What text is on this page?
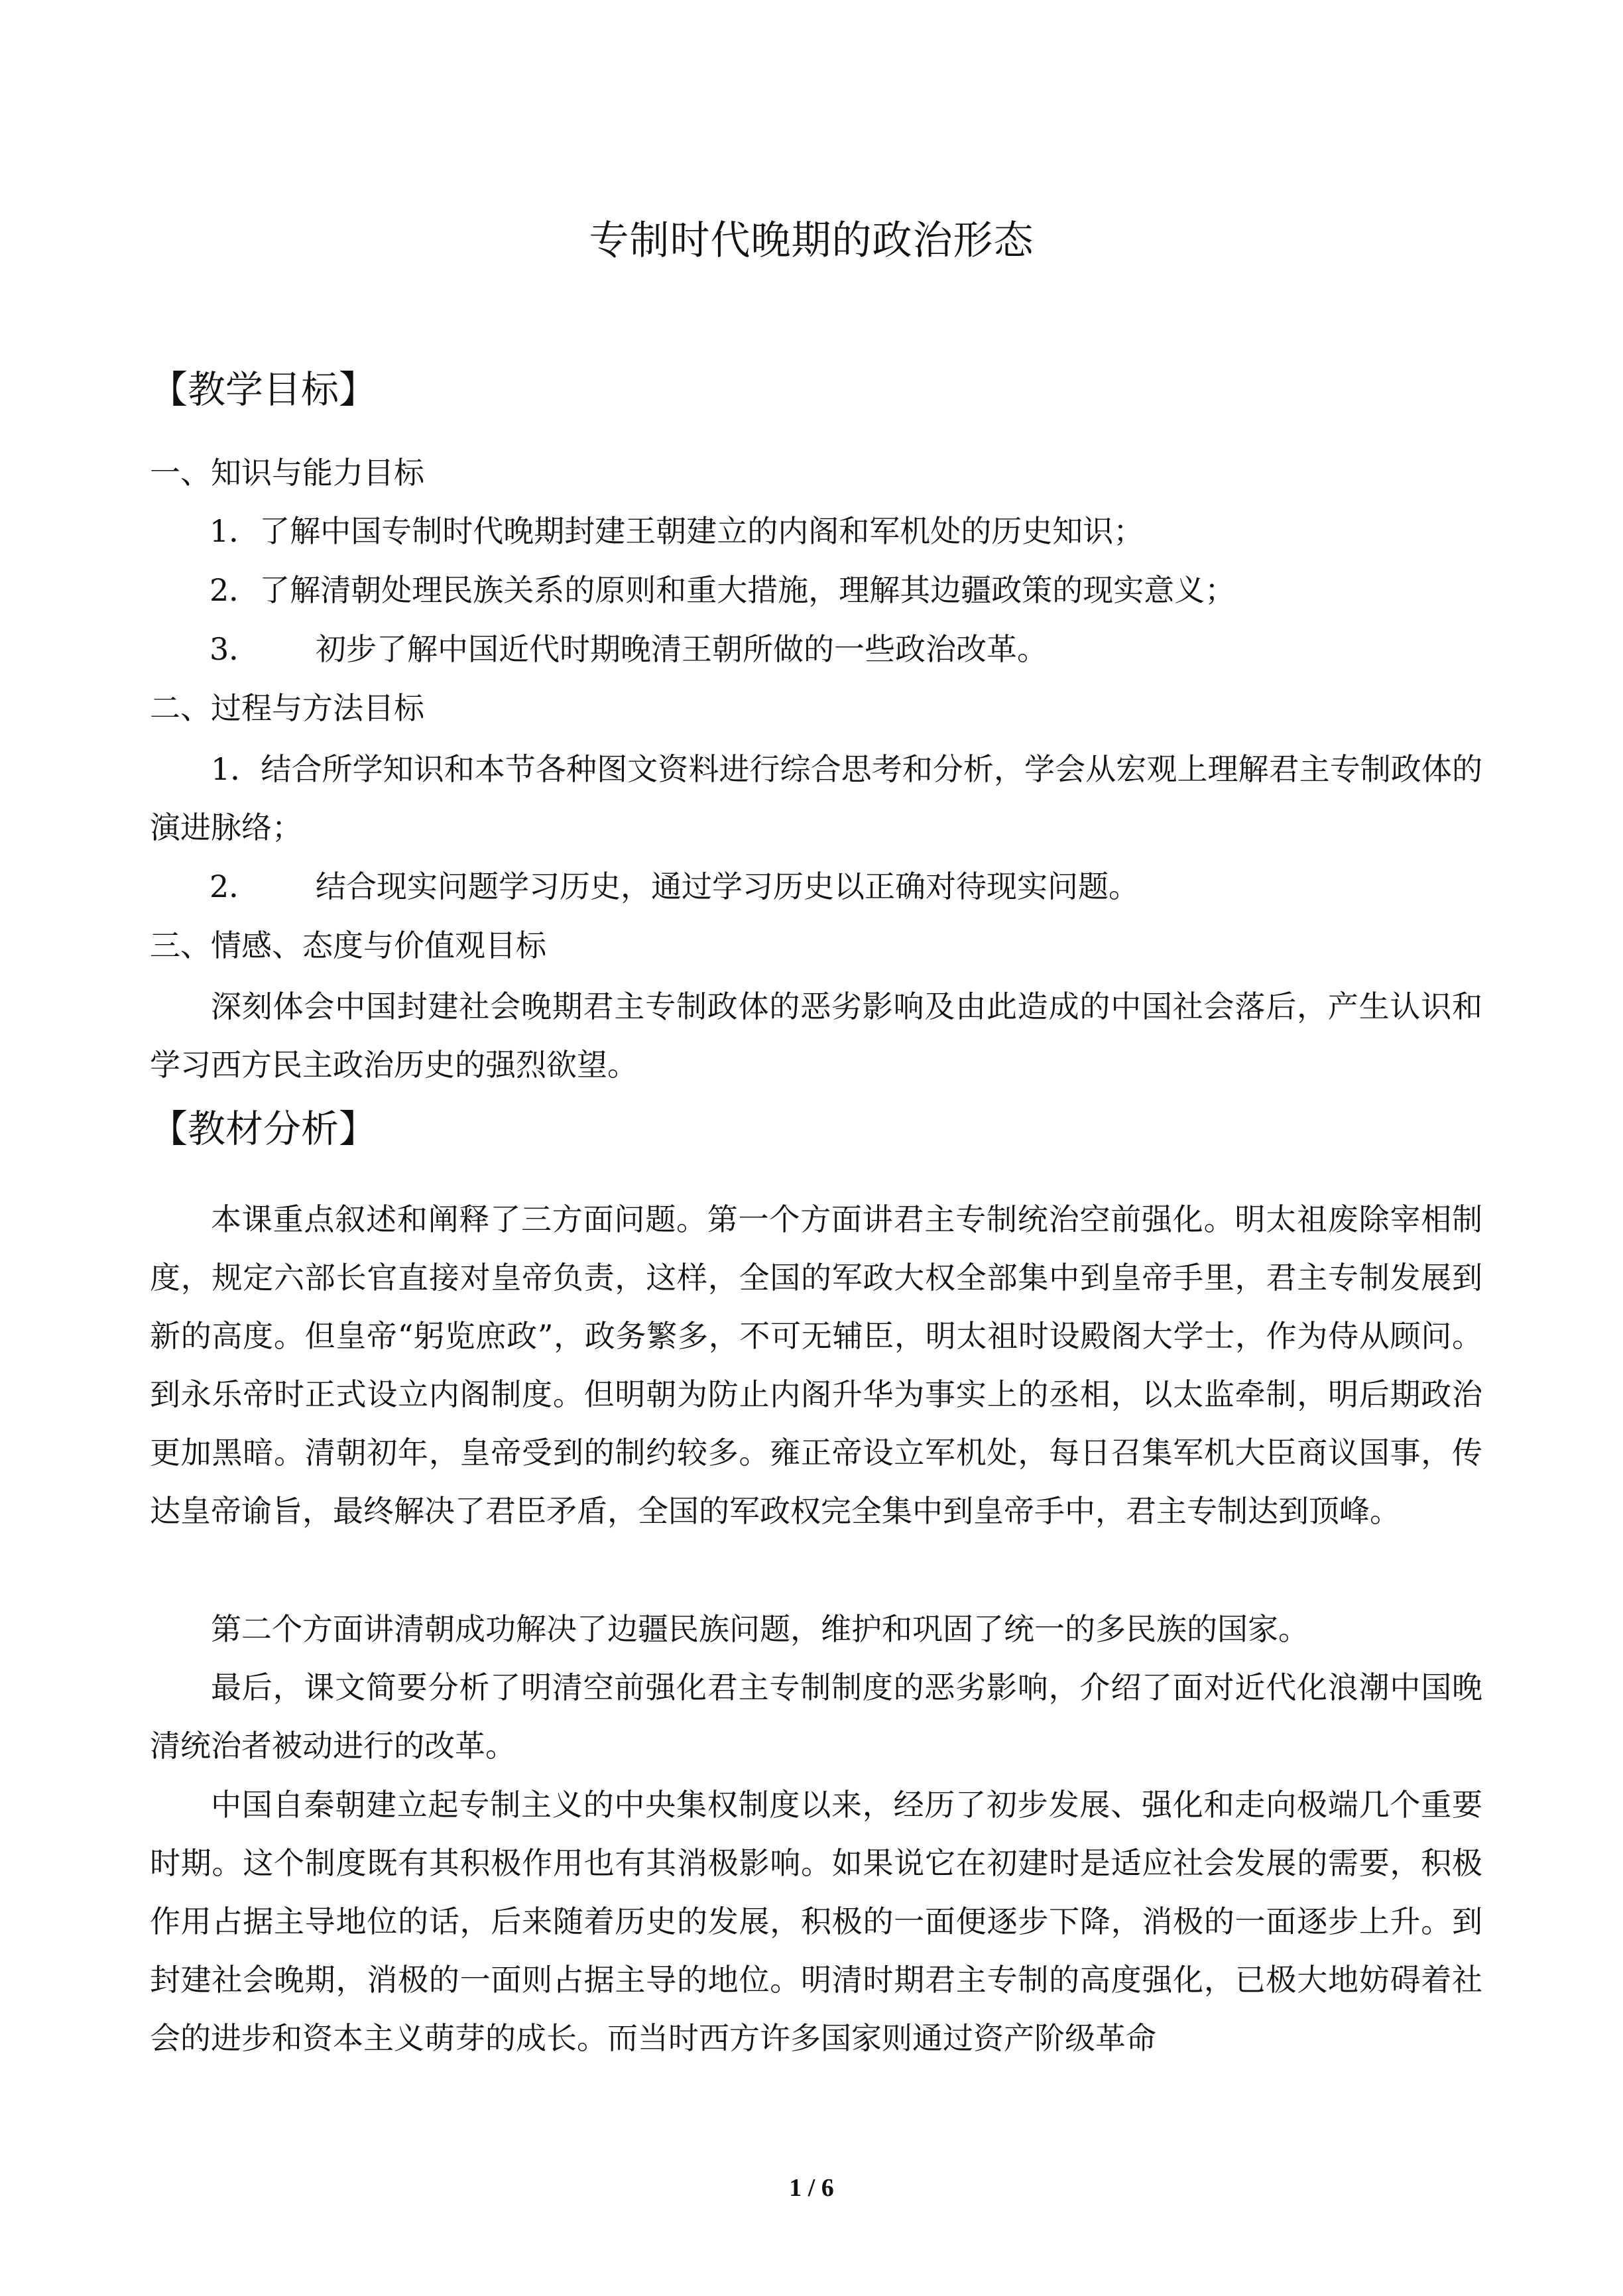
专制时代晚期的政治形态
【教学目标】
一、知识与能力目标
1．了解中国专制时代晚期封建王朝建立的内阁和军机处的历史知识；
2．了解清朝处理民族关系的原则和重大措施，理解其边疆政策的现实意义；
3． 初步了解中国近代时期晚清王朝所做的一些政治改革。
二、过程与方法目标
1．结合所学知识和本节各种图文资料进行综合思考和分析，学会从宏观上理解君主专制政体的演进脉络；
2． 结合现实问题学习历史，通过学习历史以正确对待现实问题。
三、情感、态度与价值观目标
深刻体会中国封建社会晚期君主专制政体的恶劣影响及由此造成的中国社会落后，产生认识和学习西方民主政治历史的强烈欲望。
【教材分析】
本课重点叙述和阐释了三方面问题。第一个方面讲君主专制统治空前强化。明太祖废除宰相制度，规定六部长官直接对皇帝负责，这样，全国的军政大权全部集中到皇帝手里，君主专制发展到新的高度。但皇帝“躬览庶政”，政务繁多，不可无辅臣，明太祖时设殿阁大学士，作为侍从顾问。到永乐帝时正式设立内阁制度。但明朝为防止内阁升华为事实上的丞相，以太监牵制，明后期政治更加黑暗。清朝初年，皇帝受到的制约较多。雍正帝设立军机处，每日召集军机大臣商议国事，传达皇帝谕旨，最终解决了君臣矛盾，全国的军政权完全集中到皇帝手中，君主专制达到顶峰。
第二个方面讲清朝成功解决了边疆民族问题，维护和巩固了统一的多民族的国家。
最后，课文简要分析了明清空前强化君主专制制度的恶劣影响，介绍了面对近代化浪潮中国晚清统治者被动进行的改革。
中国自秦朝建立起专制主义的中央集权制度以来，经历了初步发展、强化和走向极端几个重要时期。这个制度既有其积极作用也有其消极影响。如果说它在初建时是适应社会发展的需要，积极作用占据主导地位的话，后来随着历史的发展，积极的一面便逐步下降，消极的一面逐步上升。到封建社会晚期，消极的一面则占据主导的地位。明清时期君主专制的高度强化，已极大地妨碍着社会的进步和资本主义萌芽的成长。而当时西方许多国家则通过资产阶级革命
1 / 6
